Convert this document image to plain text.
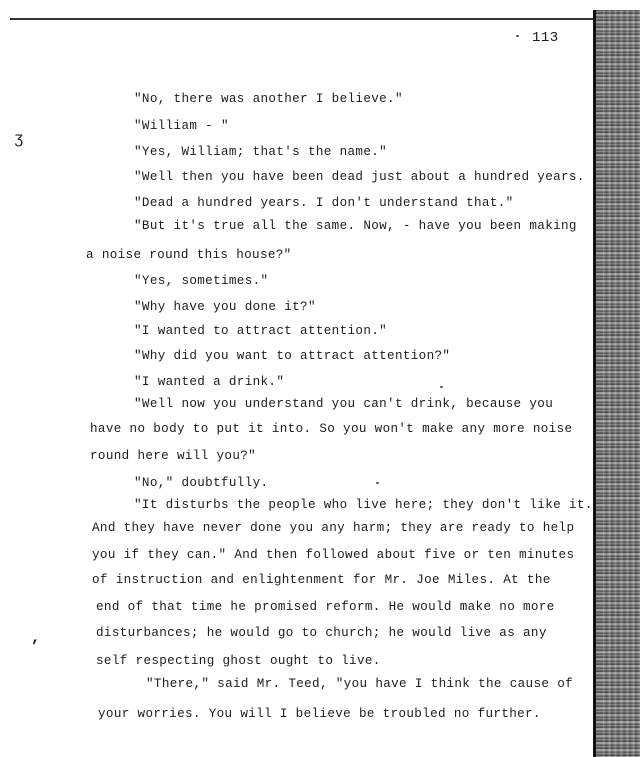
113
ʒ
’
"No, there was another I believe."
"William - "
"Yes, William; that's the name."
"Well then you have been dead just about a hundred years.
"Dead a hundred years. I don't understand that."
"But it's true all the same. Now, - have you been making
a noise round this house?"
"Yes, sometimes."
"Why have you done it?"
"I wanted to attract attention."
"Why did you want to attract attention?"
"I wanted a drink."
"Well now you understand you can't drink, because you
have no body to put it into. So you won't make any more noise
round here will you?"
"No," doubtfully.
"It disturbs the people who live here; they don't like it.
And they have never done you any harm; they are ready to help
you if they can." And then followed about five or ten minutes
of instruction and enlightenment for Mr. Joe Miles. At the
end of that time he promised reform. He would make no more
disturbances; he would go to church; he would live as any
self respecting ghost ought to live.
"There," said Mr. Teed, "you have I think the cause of
your worries. You will I believe be troubled no further.
